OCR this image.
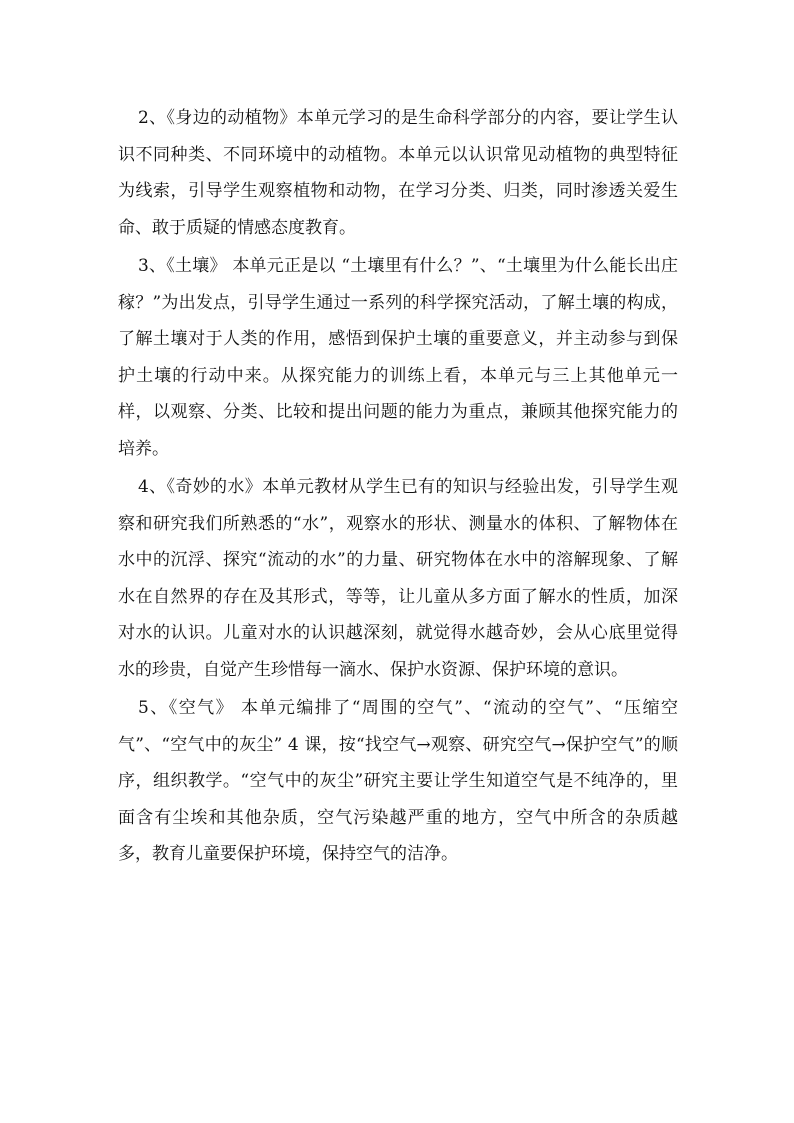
2、《身边的动植物》本单元学习的是生命科学部分的内容，要让学生认识不同种类、不同环境中的动植物。本单元以认识常见动植物的典型特征为线索，引导学生观察植物和动物，在学习分类、归类，同时渗透关爱生命、敢于质疑的情感态度教育。

3、《土壤》 本单元正是以 “土壤里有什么？”、“土壤里为什么能长出庄稼？”为出发点，引导学生通过一系列的科学探究活动，了解土壤的构成，了解土壤对于人类的作用，感悟到保护土壤的重要意义，并主动参与到保护土壤的行动中来。从探究能力的训练上看，本单元与三上其他单元一样，以观察、分类、比较和提出问题的能力为重点，兼顾其他探究能力的培养。

4、《奇妙的水》本单元教材从学生已有的知识与经验出发，引导学生观察和研究我们所熟悉的“水”，观察水的形状、测量水的体积、了解物体在水中的沉浮、探究“流动的水”的力量、研究物体在水中的溶解现象、了解水在自然界的存在及其形式，等等，让儿童从多方面了解水的性质，加深对水的认识。儿童对水的认识越深刻，就觉得水越奇妙，会从心底里觉得水的珍贵，自觉产生珍惜每一滴水、保护水资源、保护环境的意识。

5、《空气》 本单元编排了“周围的空气”、“流动的空气”、“压缩空气”、“空气中的灰尘” 4 课，按“找空气→观察、研究空气→保护空气”的顺序，组织教学。“空气中的灰尘”研究主要让学生知道空气是不纯净的，里面含有尘埃和其他杂质，空气污染越严重的地方，空气中所含的杂质越多，教育儿童要保护环境，保持空气的洁净。
